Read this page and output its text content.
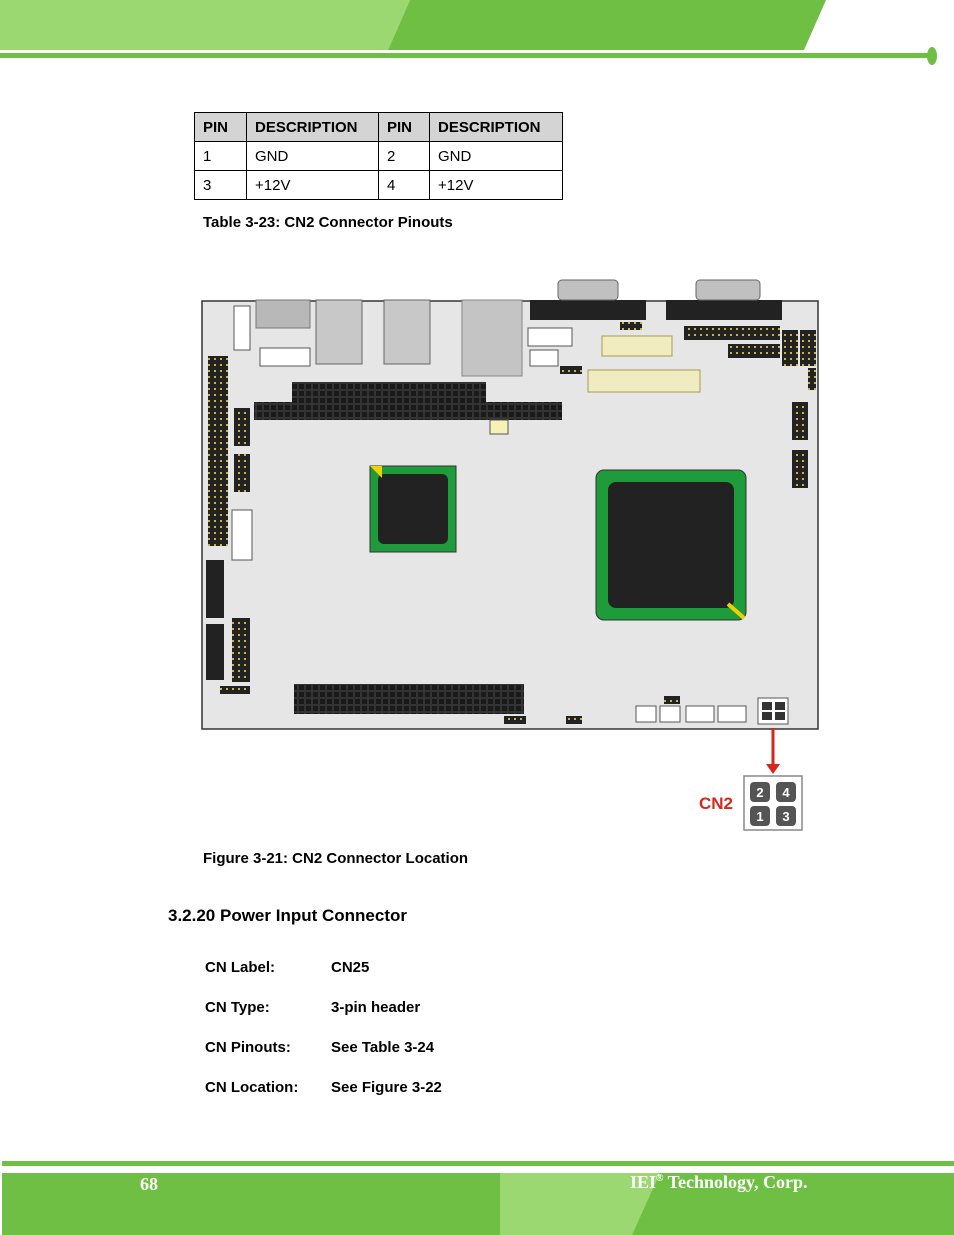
PIN	DESCRIPTION	PIN	DESCRIPTION
1	GND	2	GND
3	+12V	4	+12V
Table 3-23: CN2 Connector Pinouts
2 4
1 3
CN2
Figure 3-21: CN2 Connector Location
3.2.20 Power Input Connector
CN Label:	CN25
CN Type:	3-pin header
CN Pinouts:	See Table 3-24
CN Location: See Figure 3-22
68	IEI® Technology, Corp.
